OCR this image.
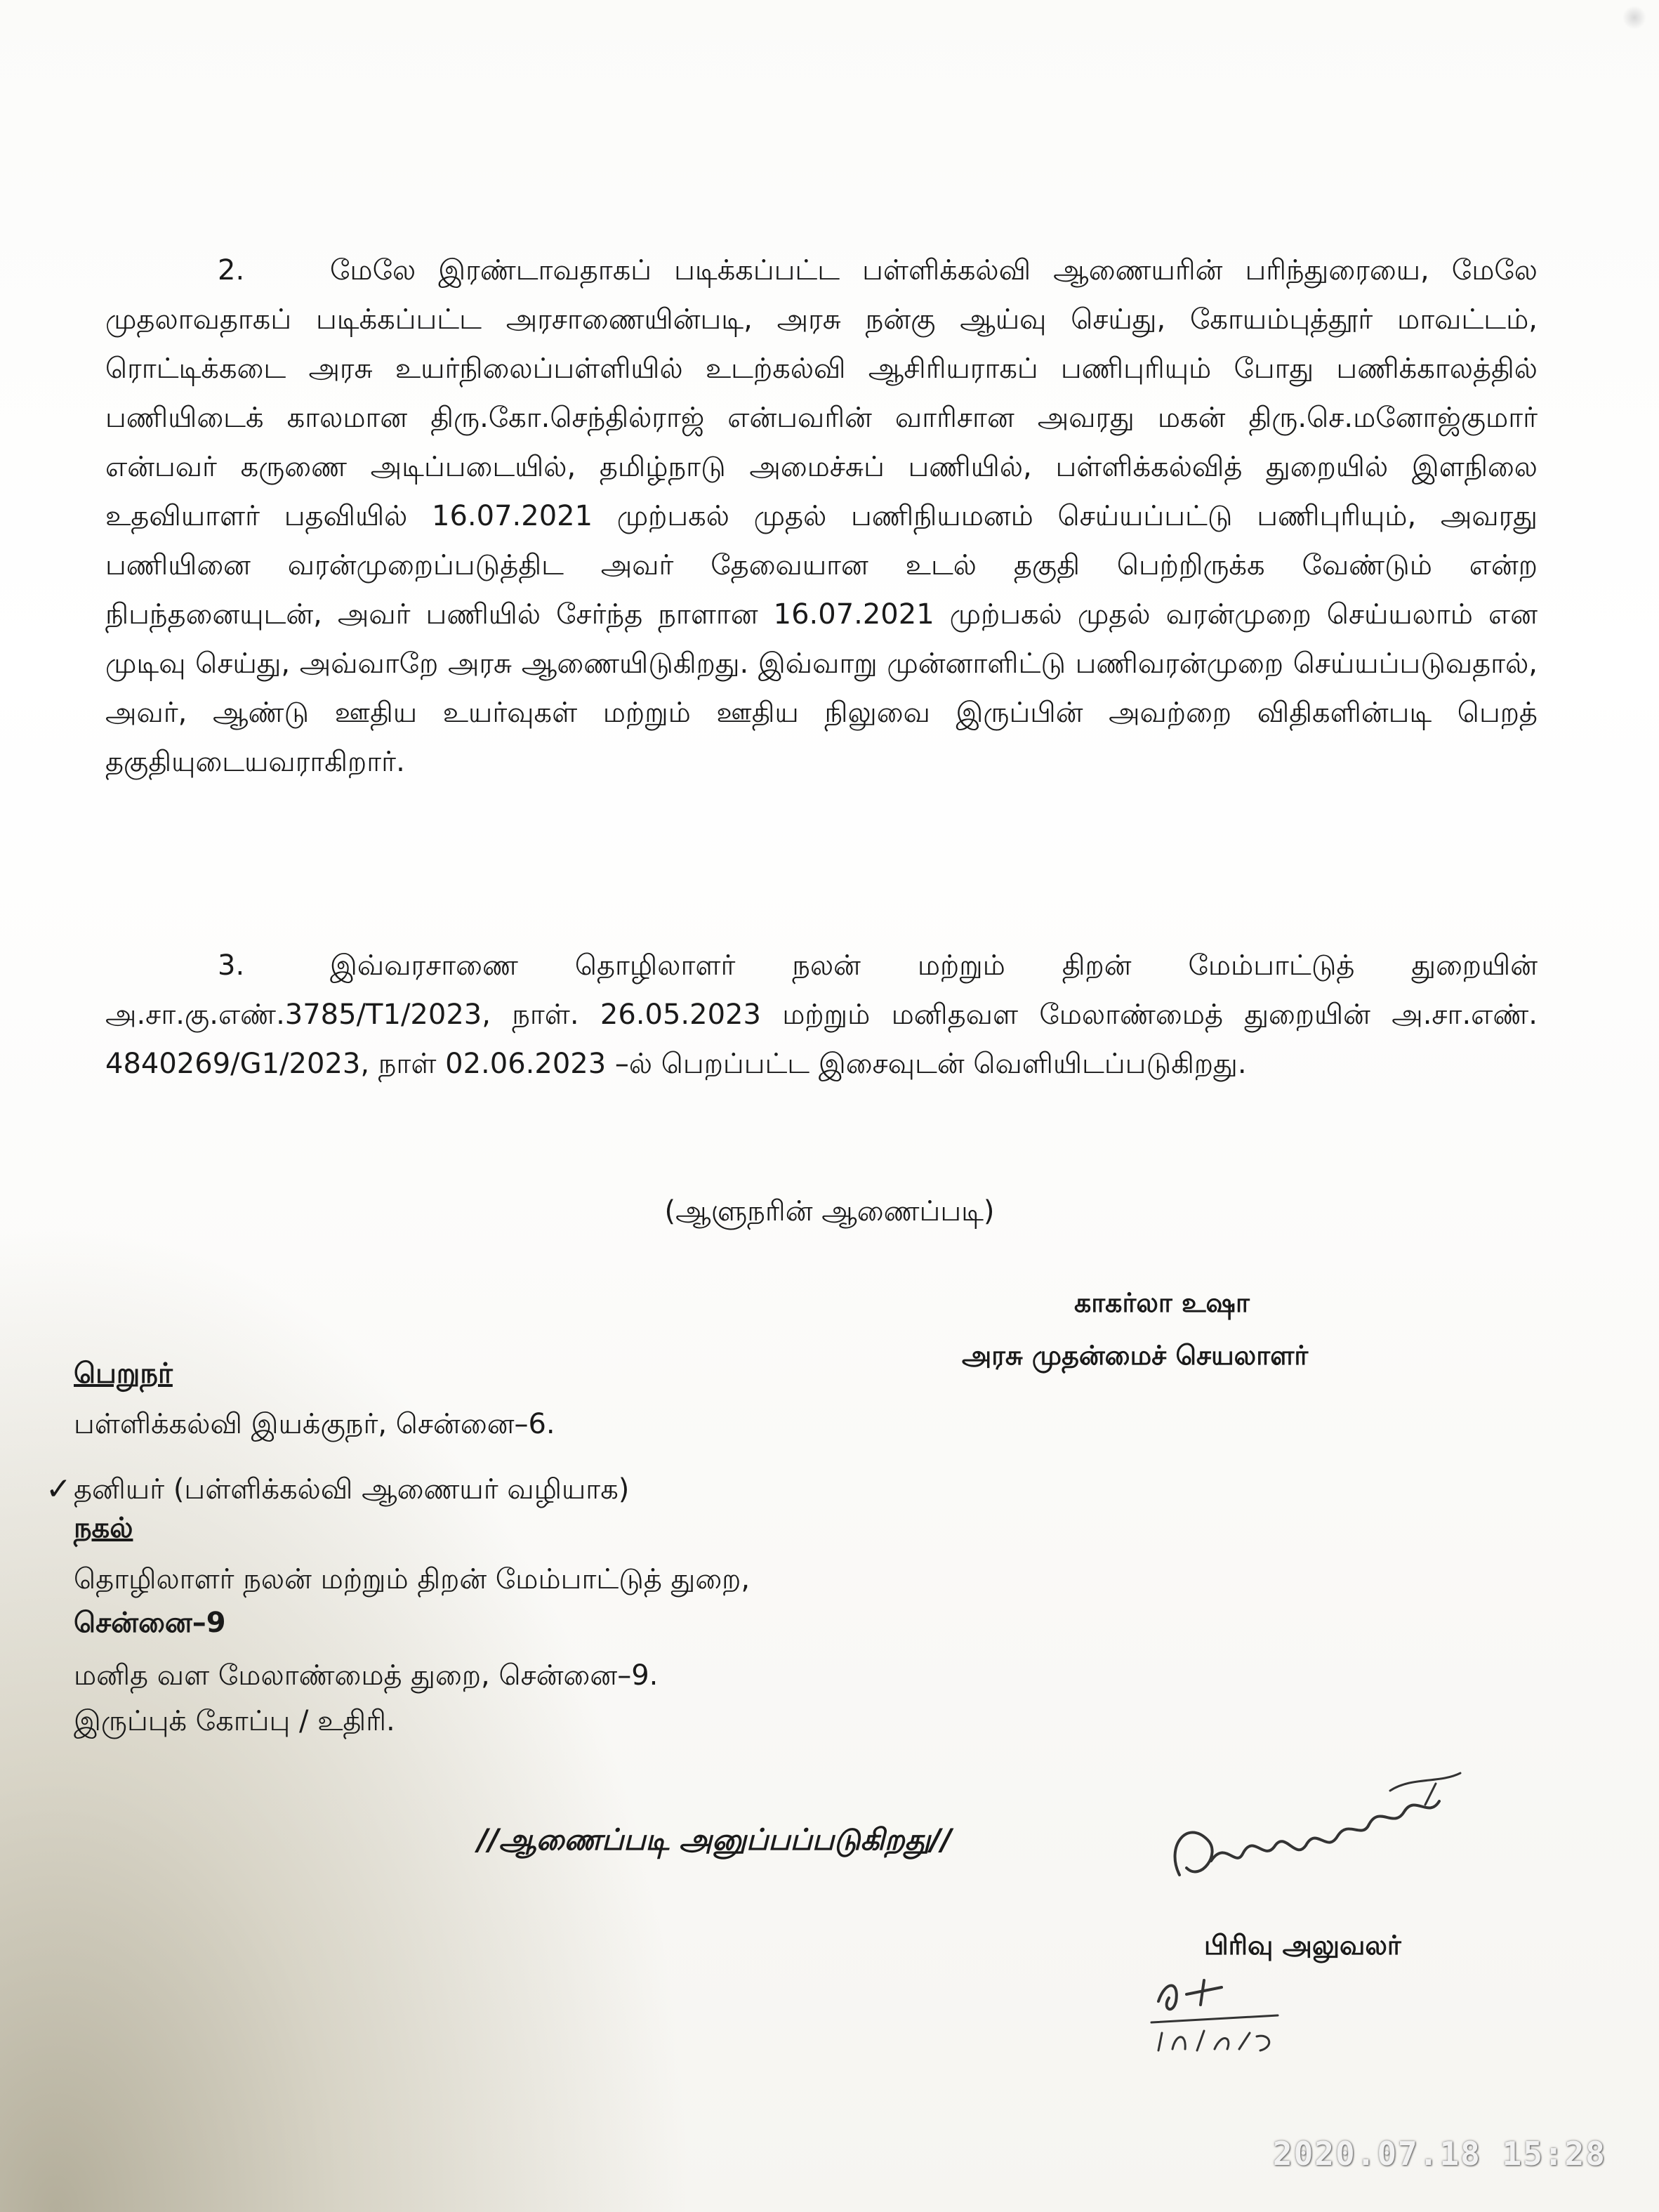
2.	மேலே இரண்டாவதாகப் படிக்கப்பட்ட பள்ளிக்கல்வி ஆணையரின் பரிந்துரையை, மேலே முதலாவதாகப் படிக்கப்பட்ட அரசாணையின்படி, அரசு நன்கு ஆய்வு செய்து, கோயம்புத்தூர் மாவட்டம், ரொட்டிக்கடை அரசு உயர்நிலைப்பள்ளியில் உடற்கல்வி ஆசிரியராகப் பணிபுரியும் போது பணிக்காலத்தில் பணியிடைக் காலமான திரு.கோ.செந்தில்ராஜ் என்பவரின் வாரிசான அவரது மகன் திரு.செ.மனோஜ்குமார் என்பவர் கருணை அடிப்படையில், தமிழ்நாடு அமைச்சுப் பணியில், பள்ளிக்கல்வித் துறையில் இளநிலை உதவியாளர் பதவியில் 16.07.2021 முற்பகல் முதல் பணிநியமனம் செய்யப்பட்டு பணிபுரியும், அவரது பணியினை வரன்முறைப்படுத்திட அவர் தேவையான உடல் தகுதி பெற்றிருக்க வேண்டும் என்ற நிபந்தனையுடன், அவர் பணியில் சேர்ந்த நாளான 16.07.2021 முற்பகல் முதல் வரன்முறை செய்யலாம் என முடிவு செய்து, அவ்வாறே அரசு ஆணையிடுகிறது. இவ்வாறு முன்னாளிட்டு பணிவரன்முறை செய்யப்படுவதால், அவர், ஆண்டு ஊதிய உயர்வுகள் மற்றும் ஊதிய நிலுவை இருப்பின் அவற்றை விதிகளின்படி பெறத் தகுதியுடையவராகிறார்.
3.	இவ்வரசாணை தொழிலாளர் நலன் மற்றும் திறன் மேம்பாட்டுத் துறையின் அ.சா.கு.எண்.3785/T1/2023, நாள். 26.05.2023 மற்றும் மனிதவள மேலாண்மைத் துறையின் அ.சா.எண். 4840269/G1/2023, நாள் 02.06.2023 –ல் பெறப்பட்ட இசைவுடன் வெளியிடப்படுகிறது.
(ஆளுநரின் ஆணைப்படி)
காகர்லா உஷா
அரசு முதன்மைச் செயலாளர்
பெறுநர்
பள்ளிக்கல்வி இயக்குநர், சென்னை–6.
✓ தனியர் (பள்ளிக்கல்வி ஆணையர் வழியாக)
நகல்
தொழிலாளர் நலன் மற்றும் திறன் மேம்பாட்டுத் துறை,
சென்னை–9
மனித வள மேலாண்மைத் துறை, சென்னை–9.
இருப்புக் கோப்பு / உதிரி.
//ஆணைப்படி அனுப்பப்படுகிறது//
பிரிவு அலுவலர்
2020.07.18 15:28
